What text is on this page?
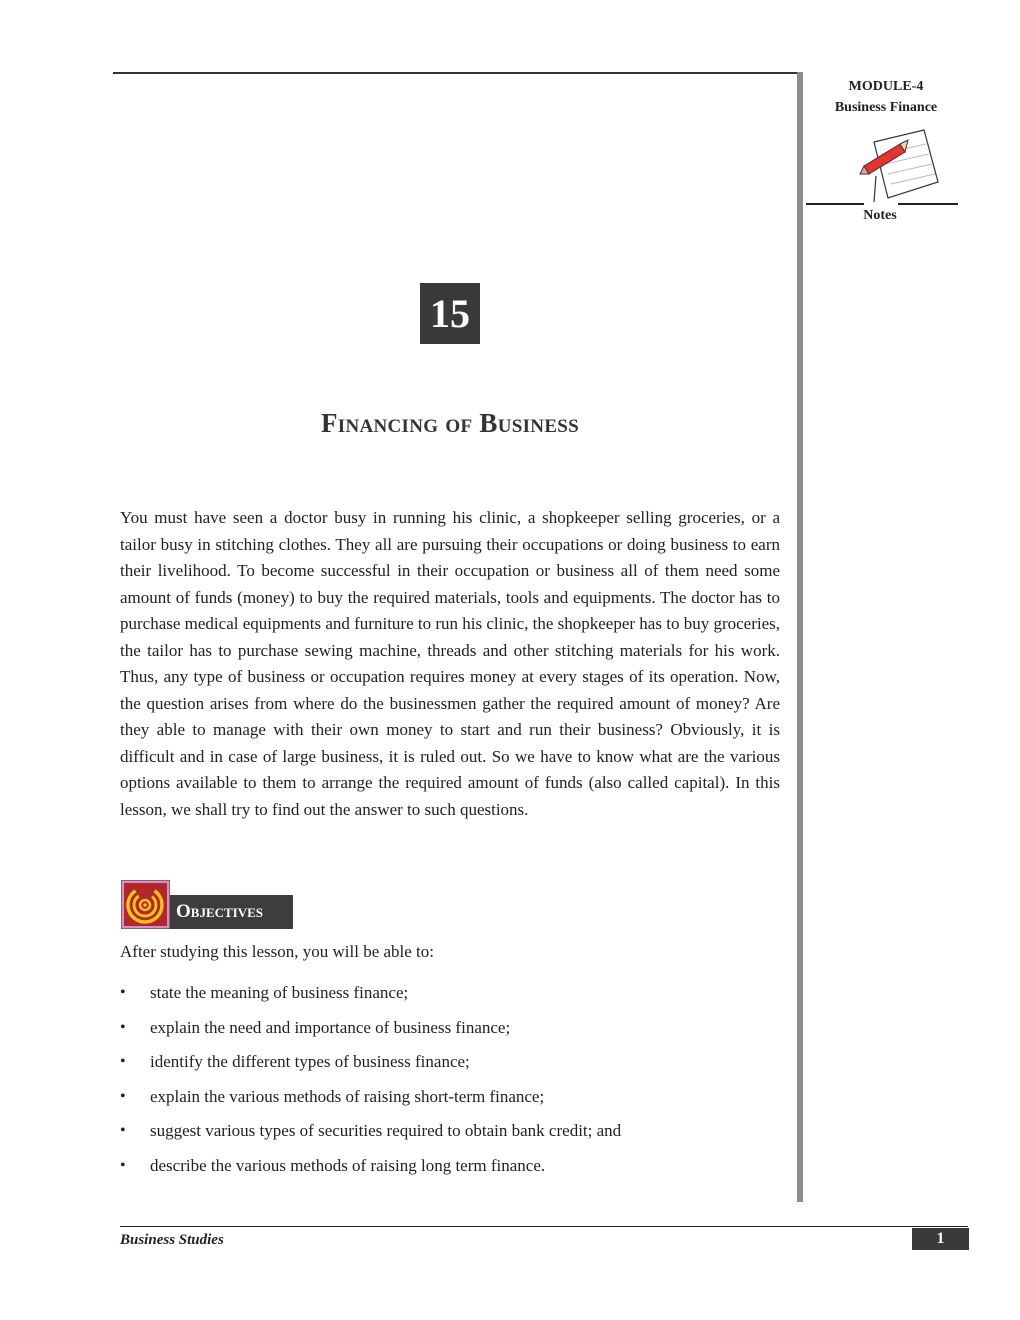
MODULE-4
Business Finance
Notes
15
Financing of Business

You must have seen a doctor busy in running his clinic, a shopkeeper selling groceries, or a tailor busy in stitching clothes. They all are pursuing their occupations or doing business to earn their livelihood. To become successful in their occupation or business all of them need some amount of funds (money) to buy the required materials, tools and equipments. The doctor has to purchase medical equipments and furniture to run his clinic, the shopkeeper has to buy groceries, the tailor has to purchase sewing machine, threads and other stitching materials for his work. Thus, any type of business or occupation requires money at every stages of its operation. Now, the question arises from where do the businessmen gather the required amount of money? Are they able to manage with their own money to start and run their business? Obviously, it is difficult and in case of large business, it is ruled out. So we have to know what are the various options available to them to arrange the required amount of funds (also called capital). In this lesson, we shall try to find out the answer to such questions.

Objectives
After studying this lesson, you will be able to:
• state the meaning of business finance;
• explain the need and importance of business finance;
• identify the different types of business finance;
• explain the various methods of raising short-term finance;
• suggest various types of securities required to obtain bank credit; and
• describe the various methods of raising long term finance.
Business Studies	1
